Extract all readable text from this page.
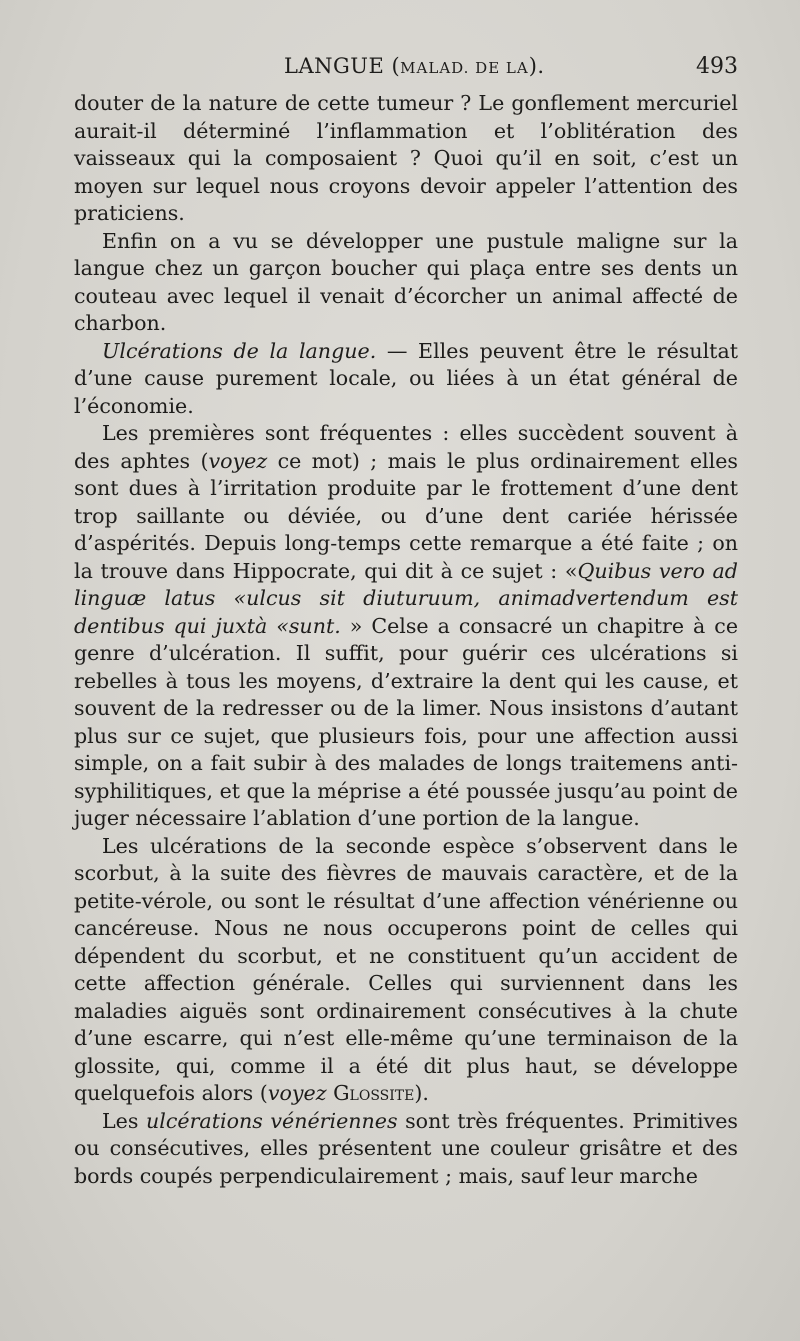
LANGUE (MALAD. DE LA).	493

douter de la nature de cette tumeur ? Le gonflement mercuriel aurait-il déterminé l’inflammation et l’oblitération des vaisseaux qui la composaient ? Quoi qu’il en soit, c’est un moyen sur lequel nous croyons devoir appeler l’attention des praticiens.

Enfin on a vu se développer une pustule maligne sur la langue chez un garçon boucher qui plaça entre ses dents un couteau avec lequel il venait d’écorcher un animal affecté de charbon.

Ulcérations de la langue. — Elles peuvent être le résultat d’une cause purement locale, ou liées à un état général de l’économie.

Les premières sont fréquentes : elles succèdent souvent à des aphtes (voyez ce mot) ; mais le plus ordinairement elles sont dues à l’irritation produite par le frottement d’une dent trop saillante ou déviée, ou d’une dent cariée hérissée d’aspérités. Depuis long-temps cette remarque a été faite ; on la trouve dans Hippocrate, qui dit à ce sujet : «Quibus vero ad linguæ latus «ulcus sit diuturuum, animadvertendum est dentibus qui juxtà «sunt. » Celse a consacré un chapitre à ce genre d’ulcération. Il suffit, pour guérir ces ulcérations si rebelles à tous les moyens, d’extraire la dent qui les cause, et souvent de la redresser ou de la limer. Nous insistons d’autant plus sur ce sujet, que plusieurs fois, pour une affection aussi simple, on a fait subir à des malades de longs traitemens anti-syphilitiques, et que la méprise a été poussée jusqu’au point de juger nécessaire l’ablation d’une portion de la langue.

Les ulcérations de la seconde espèce s’observent dans le scorbut, à la suite des fièvres de mauvais caractère, et de la petite-vérole, ou sont le résultat d’une affection vénérienne ou cancéreuse. Nous ne nous occuperons point de celles qui dépendent du scorbut, et ne constituent qu’un accident de cette affection générale. Celles qui surviennent dans les maladies aiguës sont ordinairement consécutives à la chute d’une escarre, qui n’est elle-même qu’une terminaison de la glossite, qui, comme il a été dit plus haut, se développe quelquefois alors (voyez Glossite).

Les ulcérations vénériennes sont très fréquentes. Primitives ou consécutives, elles présentent une couleur grisâtre et des bords coupés perpendiculairement ; mais, sauf leur marche
